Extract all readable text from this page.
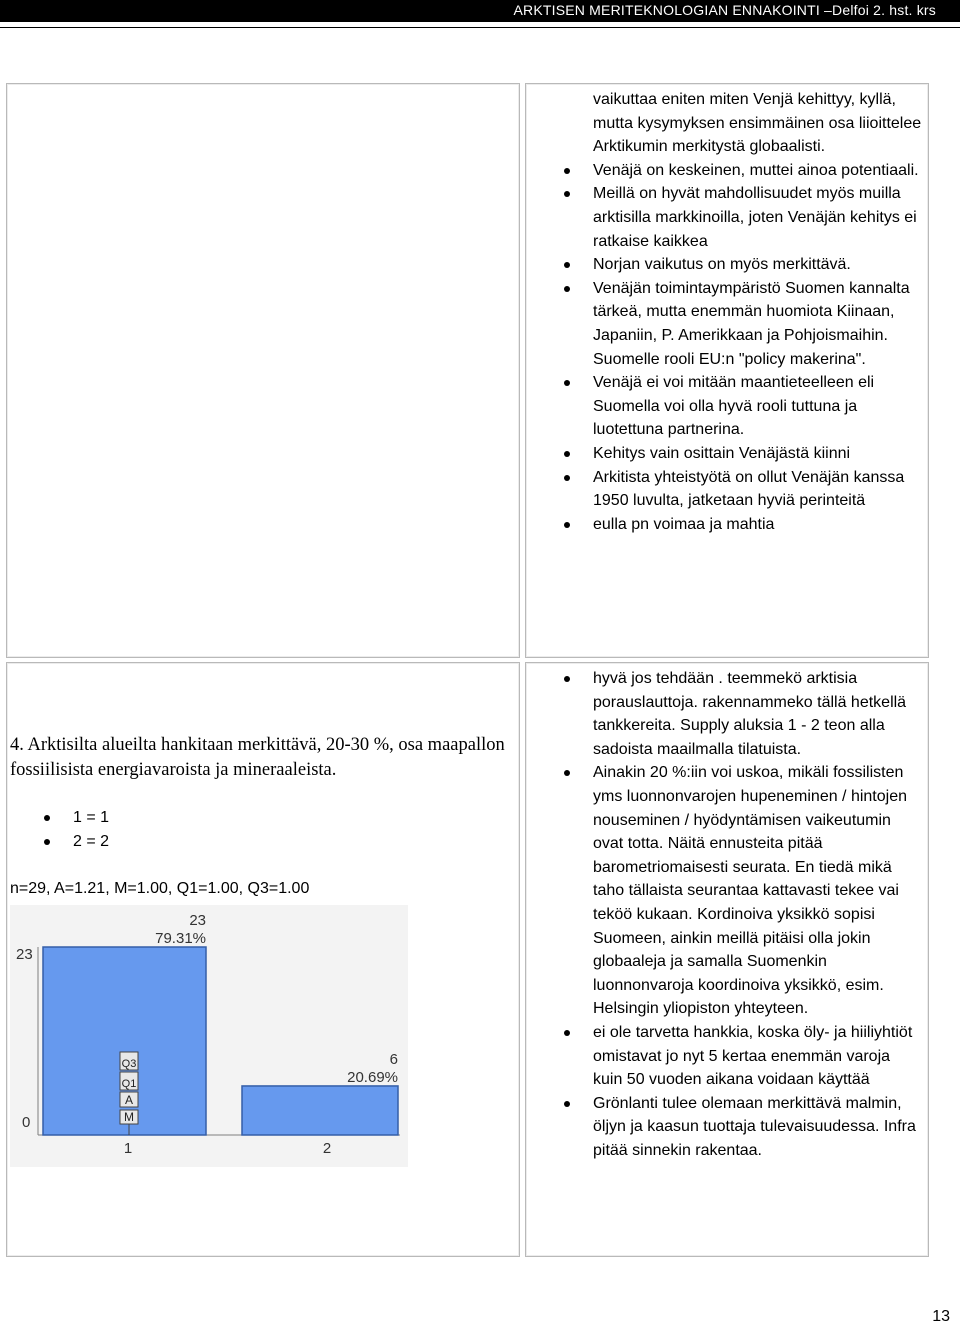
ARKTISEN MERITEKNOLOGIAN ENNAKOINTI –Delfoi 2. hst. krs
vaikuttaa eniten miten Venjä kehittyy, kyllä, mutta kysymyksen ensimmäinen osa liioittelee Arktikumin merkitystä globaalisti.
Venäjä on keskeinen, muttei ainoa potentiaali.
Meillä on hyvät mahdollisuudet myös muilla arktisilla markkinoilla, joten Venäjän kehitys ei ratkaise kaikkea
Norjan vaikutus on myös merkittävä.
Venäjän toimintaympäristö Suomen kannalta tärkeä, mutta enemmän huomiota Kiinaan, Japaniin, P. Amerikkaan ja Pohjoismaihin. Suomelle rooli EU:n "policy makerina".
Venäjä ei voi mitään maantieteelleen eli Suomella voi olla hyvä rooli tuttuna ja luotettuna partnerina.
Kehitys vain osittain Venäjästä kiinni
Arkitista yhteistyötä on ollut Venäjän kanssa 1950 luvulta, jatketaan hyviä perinteitä
eulla pn voimaa ja mahtia
4. Arktisilta alueilta hankitaan merkittävä, 20-30 %, osa maapallon fossiilisista energiavaroista ja mineraaleista.
1 = 1
2 = 2
n=29, A=1.21, M=1.00, Q1=1.00, Q3=1.00
23
0
23
79.31%
6
20.69%
1	2
Q3
Q1
A
M
hyvä jos tehdään . teemmekö arktisia porauslauttoja. rakennammeko tällä hetkellä tankkereita. Supply aluksia 1 - 2 teon alla sadoista maailmalla tilatuista.
Ainakin 20 %:iin voi uskoa, mikäli fossilisten yms luonnonvarojen hupeneminen / hintojen nouseminen / hyödyntämisen vaikeutumin ovat totta. Näitä ennusteita pitää barometriomaisesti seurata. En tiedä mikä taho tällaista seurantaa kattavasti tekee vai teköö kukaan. Kordinoiva yksikkö sopisi Suomeen, ainkin meillä pitäisi olla jokin globaaleja ja samalla Suomenkin luonnonvaroja koordinoiva yksikkö, esim. Helsingin yliopiston yhteyteen.
ei ole tarvetta hankkia, koska öly- ja hiiliyhtiöt omistavat jo nyt 5 kertaa enemmän varoja kuin 50 vuoden aikana voidaan käyttää
Grönlanti tulee olemaan merkittävä malmin, öljyn ja kaasun tuottaja tulevaisuudessa. Infra pitää sinnekin rakentaa.
13
